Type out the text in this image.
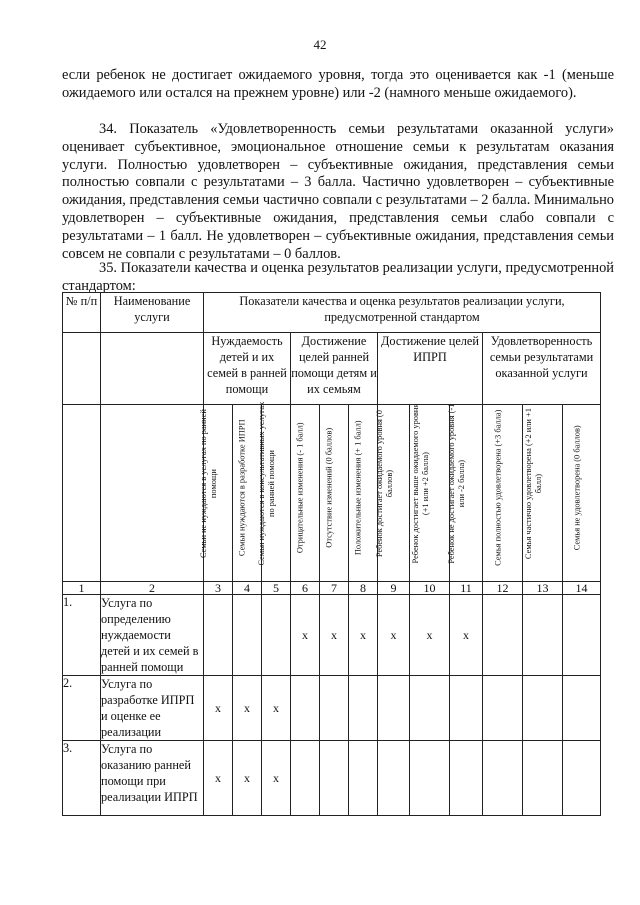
42

если ребенок не достигает ожидаемого уровня, тогда это оценивается как -1 (меньше ожидаемого или остался на прежнем уровне) или -2 (намного меньше ожидаемого).

34. Показатель «Удовлетворенность семьи результатами оказанной услуги» оценивает субъективное, эмоциональное отношение семьи к результатам оказания услуги. Полностью удовлетворен – субъективные ожидания, представления семьи полностью совпали с результатами – 3 балла. Частично удовлетворен – субъективные ожидания, представления семьи частично совпали с результатами – 2 балла. Минимально удовлетворен – субъективные ожидания, представления семьи слабо совпали с результатами – 1 балл. Не удовлетворен – субъективные ожидания, представления семьи совсем не совпали с результатами – 0 баллов.

35. Показатели качества и оценка результатов реализации услуги, предусмотренной стандартом:

№ п/п	Наименование услуги	Показатели качества и оценка результатов реализации услуги, предусмотренной стандартом											
		Нуждаемость детей и их семей в ранней помощи			Достижение целей ранней помощи детям и их семьям			Достижение целей ИПРП			Удовлетворенность семьи результатами оказанной услуги		

		Семьи не нуждаются в услугах по ранней помощи	Семьи нуждаются в разработке ИПРП	Семьи нуждаются в консультативных услугах по ранней помощи	Отрицательные изменения (- 1 балл)	Отсутствие изменений (0 баллов)	Положительные изменения (+ 1 балл)	Ребенок достигает ожидаемого уровня (0 баллов)	Ребенок достигает выше ожидаемого уровня (+1 или +2 балла)	Ребенок не достигает ожидаемого уровня (-1 или -2 балла)	Семья полностью удовлетворена (+3 балла)	Семья частично удовлетворена (+2 или +1 балл)	Семья не удовлетворена (0 баллов)

1	2	3	4	5	6	7	8	9	10	11	12	13	14
1.	Услуга по определению нуждаемости детей и их семей в ранней помощи				x	x	x	x	x	x			
2.	Услуга по разработке ИПРП и оценке ее реализации	x	x	x									
3.	Услуга по оказанию ранней помощи при реализации ИПРП	x	x	x									
